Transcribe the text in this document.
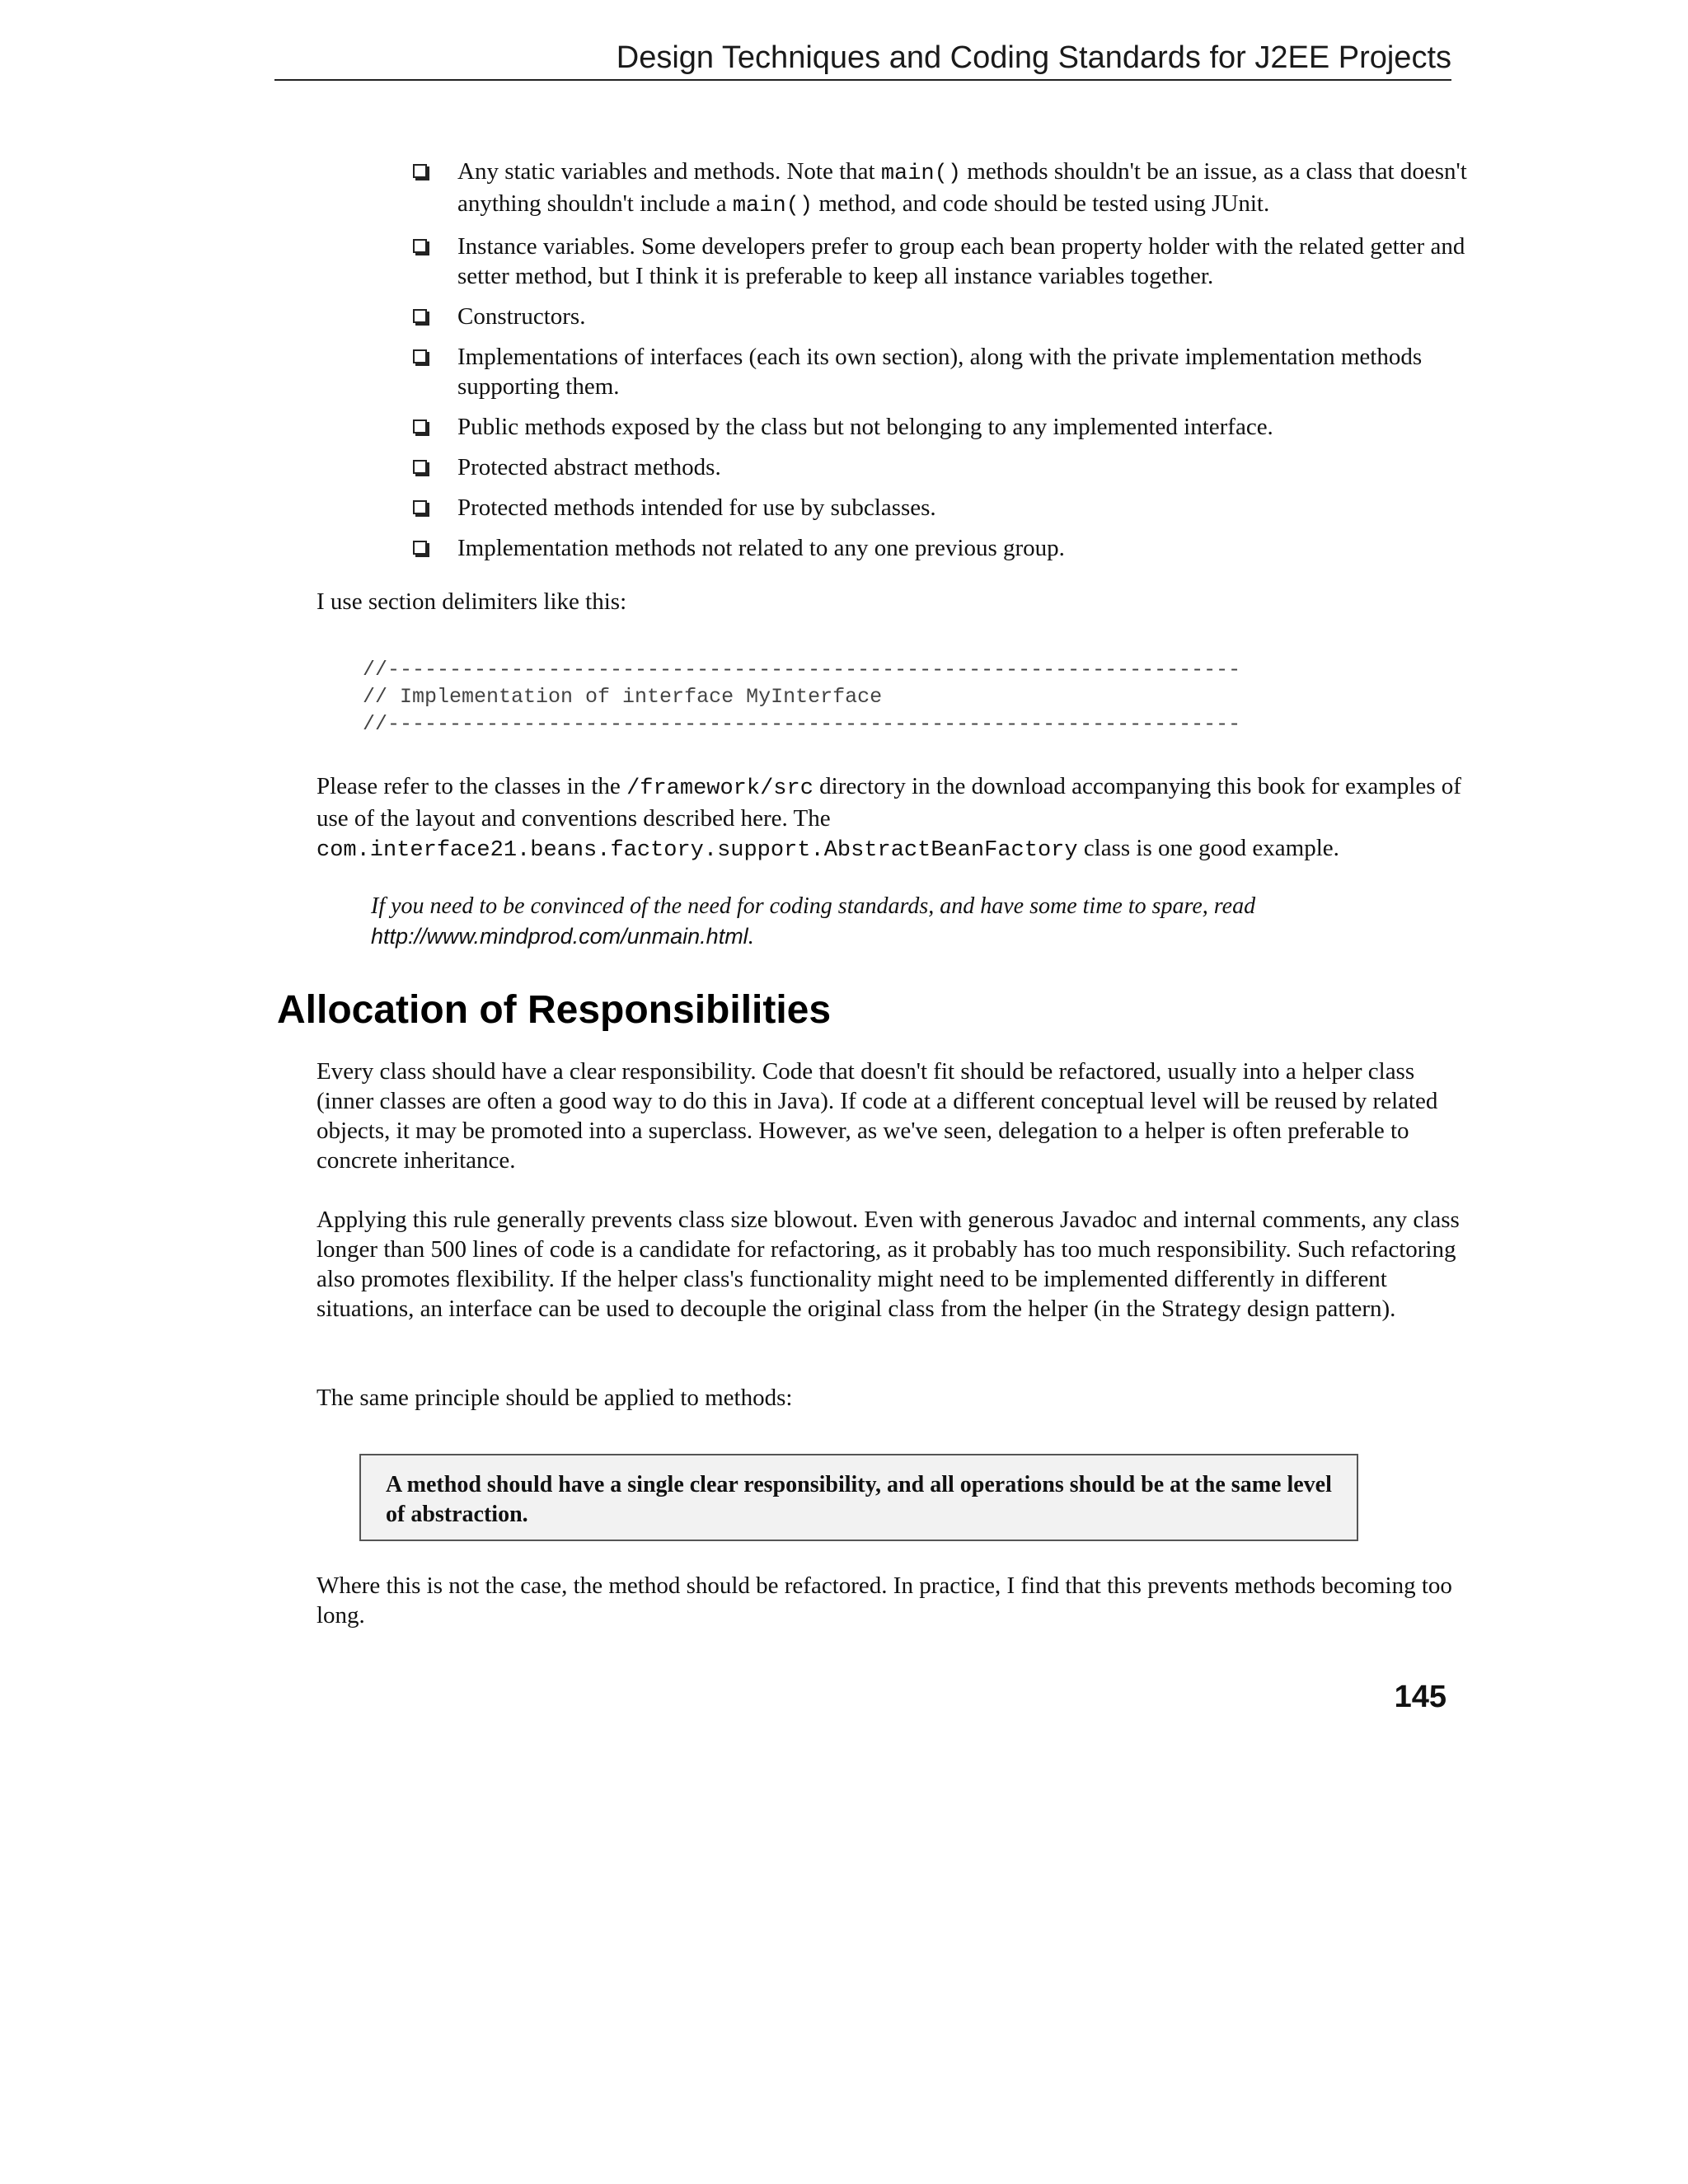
Design Techniques and Coding Standards for J2EE Projects
Any static variables and methods. Note that main() methods shouldn't be an issue, as a class that doesn't anything shouldn't include a main() method, and code should be tested using JUnit.
Instance variables. Some developers prefer to group each bean property holder with the related getter and setter method, but I think it is preferable to keep all instance variables together.
Constructors.
Implementations of interfaces (each its own section), along with the private implementation methods supporting them.
Public methods exposed by the class but not belonging to any implemented interface.
Protected abstract methods.
Protected methods intended for use by subclasses.
Implementation methods not related to any one previous group.

I use section delimiters like this:

//---------------------------------------------------------------------
// Implementation of interface MyInterface
//---------------------------------------------------------------------

Please refer to the classes in the /framework/src directory in the download accompanying this book for examples of use of the layout and conventions described here. The com.interface21.beans.factory.support.AbstractBeanFactory class is one good example.

If you need to be convinced of the need for coding standards, and have some time to spare, read http://www.mindprod.com/unmain.html.
Allocation of Responsibilities

Every class should have a clear responsibility. Code that doesn't fit should be refactored, usually into a helper class (inner classes are often a good way to do this in Java). If code at a different conceptual level will be reused by related objects, it may be promoted into a superclass. However, as we've seen, delegation to a helper is often preferable to concrete inheritance.

Applying this rule generally prevents class size blowout. Even with generous Javadoc and internal comments, any class longer than 500 lines of code is a candidate for refactoring, as it probably has too much responsibility. Such refactoring also promotes flexibility. If the helper class's functionality might need to be implemented differently in different situations, an interface can be used to decouple the original class from the helper (in the Strategy design pattern).

The same principle should be applied to methods:

A method should have a single clear responsibility, and all operations should be at the same level of abstraction.

Where this is not the case, the method should be refactored. In practice, I find that this prevents methods becoming too long.

145
